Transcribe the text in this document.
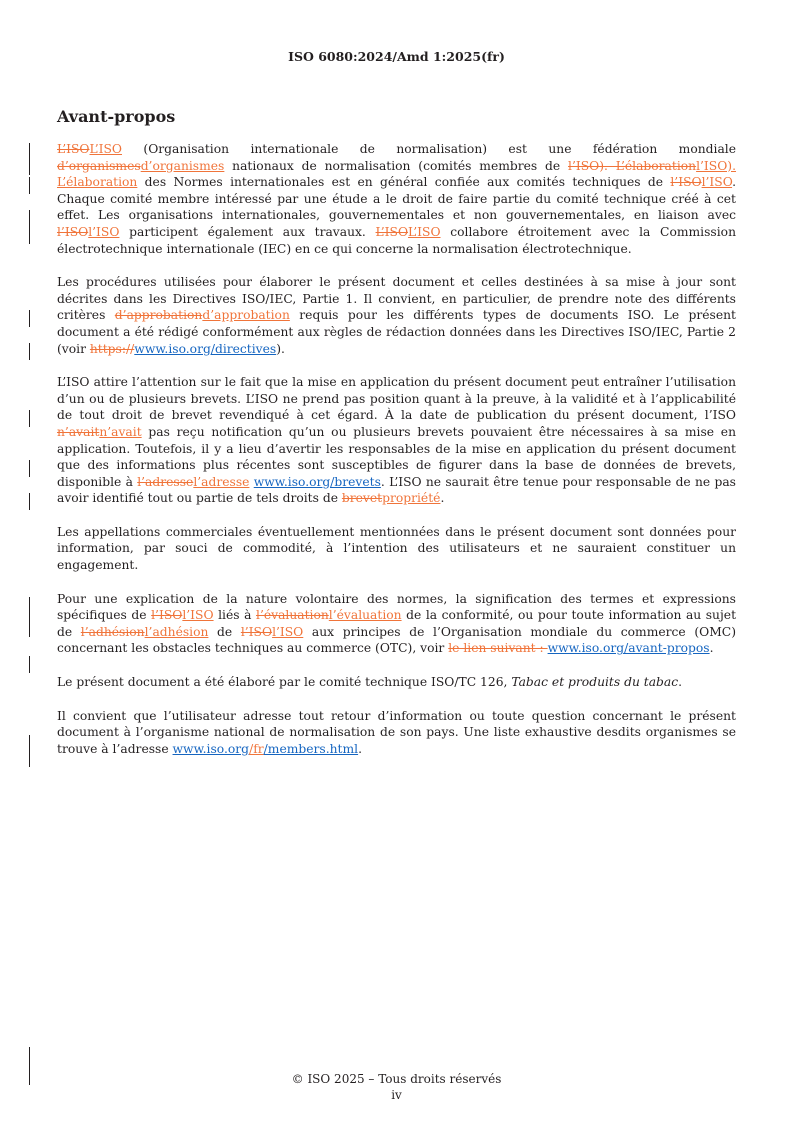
ISO 6080:2024/Amd 1:2025(fr)
Avant-propos

L’ISOL’ISO (Organisation internationale de normalisation) est une fédération mondiale d’organismesd’organismes nationaux de normalisation (comités membres de l’ISO). L’élaborationl’ISO). L’élaboration des Normes internationales est en général confiée aux comités techniques de l’ISOl’ISO. Chaque comité membre intéressé par une étude a le droit de faire partie du comité technique créé à cet effet. Les organisations internationales, gouvernementales et non gouvernementales, en liaison avec l’ISOl’ISO participent également aux travaux. L’ISOL’ISO collabore étroitement avec la Commission électrotechnique internationale (IEC) en ce qui concerne la normalisation électrotechnique.

Les procédures utilisées pour élaborer le présent document et celles destinées à sa mise à jour sont décrites dans les Directives ISO/IEC, Partie 1. Il convient, en particulier, de prendre note des différents critères d’approbationd’approbation requis pour les différents types de documents ISO. Le présent document a été rédigé conformément aux règles de rédaction données dans les Directives ISO/IEC, Partie 2 (voir https://www.iso.org/directives).

L’ISO attire l’attention sur le fait que la mise en application du présent document peut entraîner l’utilisation d’un ou de plusieurs brevets. L’ISO ne prend pas position quant à la preuve, à la validité et à l’applicabilité de tout droit de brevet revendiqué à cet égard. À la date de publication du présent document, l’ISO n’avaitn’avait pas reçu notification qu’un ou plusieurs brevets pouvaient être nécessaires à sa mise en application. Toutefois, il y a lieu d’avertir les responsables de la mise en application du présent document que des informations plus récentes sont susceptibles de figurer dans la base de données de brevets, disponible à l’adressel’adresse www.iso.org/brevets. L’ISO ne saurait être tenue pour responsable de ne pas avoir identifié tout ou partie de tels droits de brevetpropriété.

Les appellations commerciales éventuellement mentionnées dans le présent document sont données pour information, par souci de commodité, à l’intention des utilisateurs et ne sauraient constituer un engagement.

Pour une explication de la nature volontaire des normes, la signification des termes et expressions spécifiques de l’ISOl’ISO liés à l’évaluationl’évaluation de la conformité, ou pour toute information au sujet de l’adhésionl’adhésion de l’ISOl’ISO aux principes de l’Organisation mondiale du commerce (OMC) concernant les obstacles techniques au commerce (OTC), voir le lien suivant : www.iso.org/avant-propos.

Le présent document a été élaboré par le comité technique ISO/TC 126, Tabac et produits du tabac.

Il convient que l’utilisateur adresse tout retour d’information ou toute question concernant le présent document à l’organisme national de normalisation de son pays. Une liste exhaustive desdits organismes se trouve à l’adresse www.iso.org/fr/members.html.

© ISO 2025 – Tous droits réservés
iv
